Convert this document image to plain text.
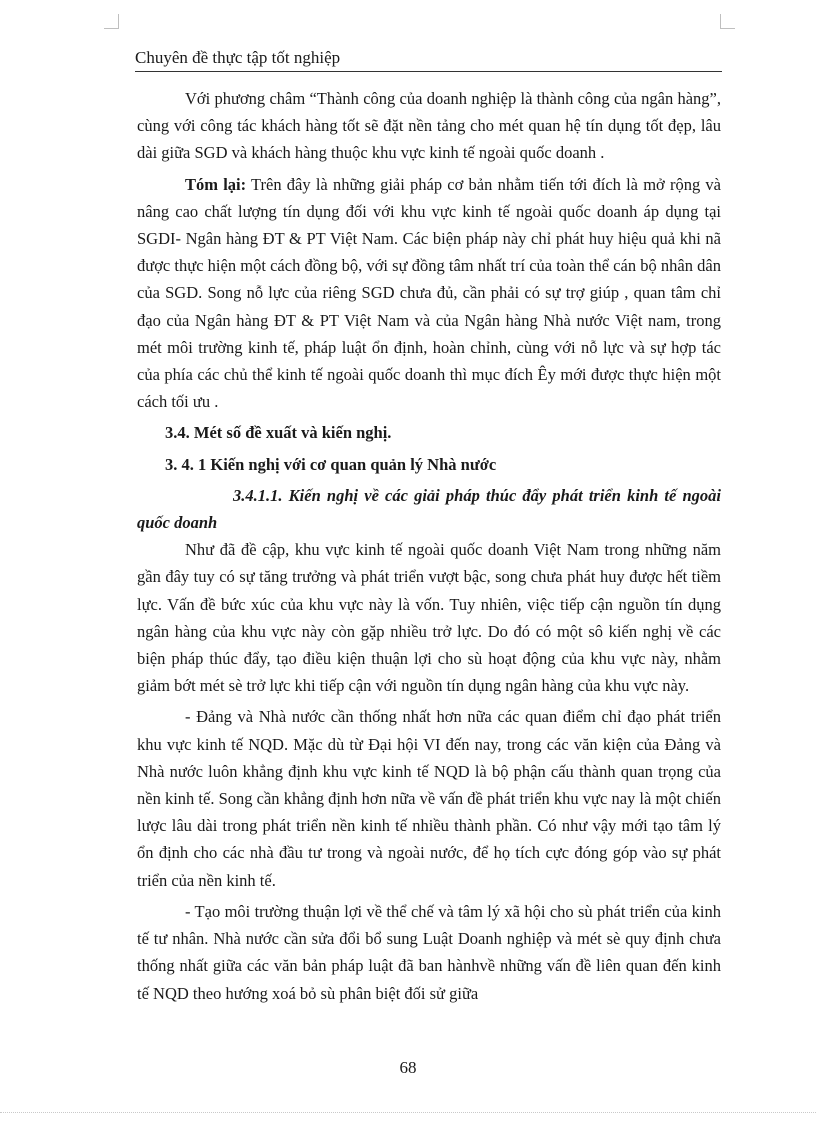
Chuyên đề thực tập tốt nghiệp

Với phương châm “Thành công của doanh nghiệp là thành công của ngân hàng”, cùng với công tác khách hàng tốt sẽ đặt nền tảng cho mét quan hệ tín dụng tốt đẹp, lâu dài giữa SGD và khách hàng thuộc khu vực kinh tế ngoài quốc doanh .

Tóm lại: Trên đây là những giải pháp cơ bản nhằm tiến tới đích là mở rộng và nâng cao chất lượng tín dụng đối với khu vực kinh tế ngoài quốc doanh áp dụng tại SGDI- Ngân hàng ĐT & PT Việt Nam. Các biện pháp này chỉ phát huy hiệu quả khi nã được thực hiện một cách đồng bộ, với sự đồng tâm nhất trí của toàn thể cán bộ nhân dân của SGD. Song nỗ lực của riêng SGD chưa đủ, cần phải có sự trợ giúp , quan tâm chỉ đạo của Ngân hàng ĐT & PT Việt Nam và của Ngân hàng Nhà nước Việt nam, trong mét môi trường kinh tế, pháp luật ổn định, hoàn chỉnh, cùng với nỗ lực và sự hợp tác của phía các chủ thể kinh tế ngoài quốc doanh thì mục đích Êy mới được thực hiện một cách tối ưu .

3.4. Mét số đề xuất và kiến nghị.

3. 4. 1 Kiến nghị với cơ quan quản lý Nhà nước

3.4.1.1. Kiến nghị về các giải pháp thúc đẩy phát triển kinh tế ngoài quốc doanh

Như đã đề cập, khu vực kinh tế ngoài quốc doanh Việt Nam trong những năm gần đây tuy có sự tăng trưởng và phát triển vượt bậc, song chưa phát huy được hết tiềm lực. Vấn đề bức xúc của khu vực này là vốn. Tuy nhiên, việc tiếp cận nguồn tín dụng ngân hàng của khu vực này còn gặp nhiều trở lực. Do đó có một sô kiến nghị về các biện pháp thúc đẩy, tạo điều kiện thuận lợi cho sù hoạt động của khu vực này, nhằm giảm bớt mét sè trở lực khi tiếp cận với nguồn tín dụng ngân hàng của khu vực này.

- Đảng và Nhà nước cần thống nhất hơn nữa các quan điểm chỉ đạo phát triển khu vực kinh tế NQD. Mặc dù từ Đại hội VI đến nay, trong các văn kiện của Đảng và Nhà nước luôn khẳng định khu vực kinh tế NQD là bộ phận cấu thành quan trọng của nền kinh tế. Song cần khẳng định hơn nữa về vấn đề phát triển khu vực nay là một chiến lược lâu dài trong phát triển nền kinh tế nhiều thành phần. Có như vậy mới tạo tâm lý ổn định cho các nhà đầu tư trong và ngoài nước, để họ tích cực đóng góp vào sự phát triển của nền kinh tế.

- Tạo môi trường thuận lợi về thể chế và tâm lý xã hội cho sù phát triển của kinh tế tư nhân. Nhà nước cần sửa đổi bổ sung Luật Doanh nghiệp và mét sè quy định chưa thống nhất giữa các văn bản pháp luật đã ban hànhvề những vấn đề liên quan đến kinh tế NQD theo hướng xoá bỏ sù phân biệt đối sử giữa

68
